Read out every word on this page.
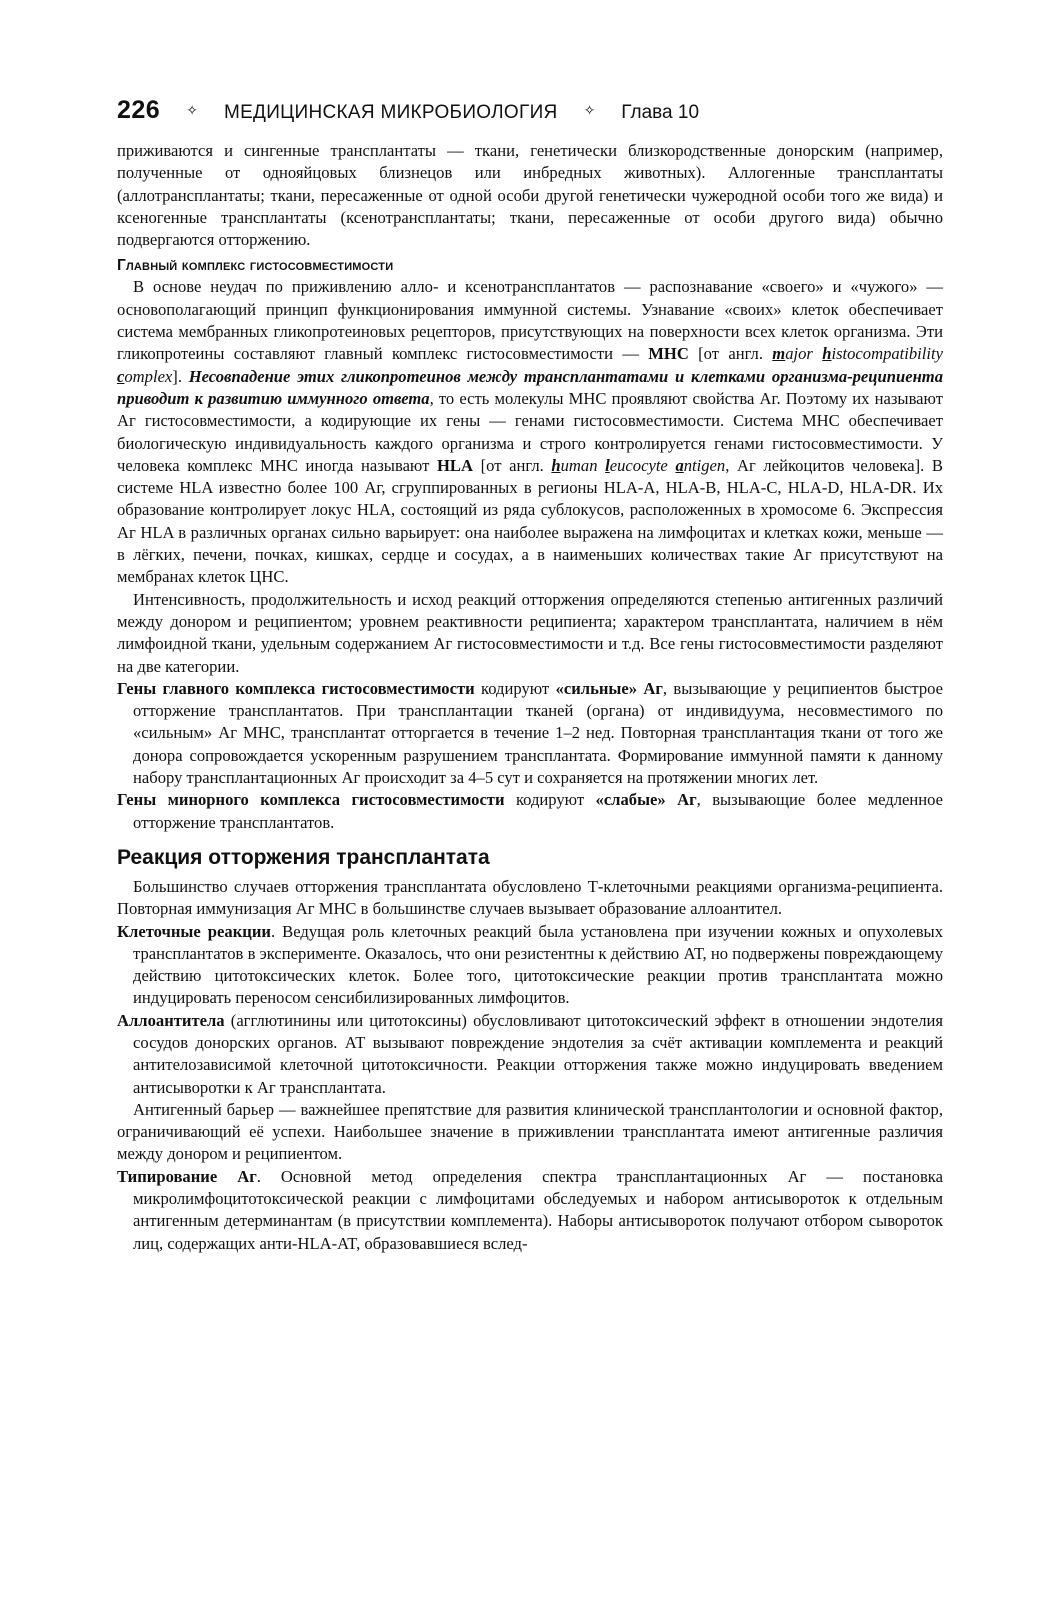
226 ✧ МЕДИЦИНСКАЯ МИКРОБИОЛОГИЯ ✧ Глава 10

приживаются и сингенные трансплантаты — ткани, генетически близкородственные донорским (например, полученные от однояйцовых близнецов или инбредных животных). Аллогенные трансплантаты (аллотрансплантаты; ткани, пересаженные от одной особи другой генетически чужеродной особи того же вида) и ксеногенные трансплантаты (ксенотрансплантаты; ткани, пересаженные от особи другого вида) обычно подвергаются отторжению.

Главный комплекс гистосовместимости

В основе неудач по приживлению алло- и ксенотрансплантатов — распознавание «своего» и «чужого» — основополагающий принцип функционирования иммунной системы. Узнавание «своих» клеток обеспечивает система мембранных гликопротеиновых рецепторов, присутствующих на поверхности всех клеток организма. Эти гликопротеины составляют главный комплекс гистосовместимости — МНС [от англ. major histocompatibility complex]. Несовпадение этих гликопротеинов между трансплантатами и клетками организма-реципиента приводит к развитию иммунного ответа, то есть молекулы МНС проявляют свойства Аг. Поэтому их называют Аг гистосовместимости, а кодирующие их гены — генами гистосовместимости. Система МНС обеспечивает биологическую индивидуальность каждого организма и строго контролируется генами гистосовместимости. У человека комплекс МНС иногда называют HLA [от англ. human leucocyte antigen, Аг лейкоцитов человека]. В системе HLA известно более 100 Аг, сгруппированных в регионы HLA-A, HLA-B, HLA-C, HLA-D, HLA-DR. Их образование контролирует локус HLA, состоящий из ряда сублокусов, расположенных в хромосоме 6. Экспрессия Аг HLA в различных органах сильно варьирует: она наиболее выражена на лимфоцитах и клетках кожи, меньше — в лёгких, печени, почках, кишках, сердце и сосудах, а в наименьших количествах такие Аг присутствуют на мембранах клеток ЦНС.

Интенсивность, продолжительность и исход реакций отторжения определяются степенью антигенных различий между донором и реципиентом; уровнем реактивности реципиента; характером трансплантата, наличием в нём лимфоидной ткани, удельным содержанием Аг гистосовместимости и т.д. Все гены гистосовместимости разделяют на две категории.

Гены главного комплекса гистосовместимости кодируют «сильные» Аг, вызывающие у реципиентов быстрое отторжение трансплантатов. При трансплантации тканей (органа) от индивидуума, несовместимого по «сильным» Аг МНС, трансплантат отторгается в течение 1–2 нед. Повторная трансплантация ткани от того же донора сопровождается ускоренным разрушением трансплантата. Формирование иммунной памяти к данному набору трансплантационных Аг происходит за 4–5 сут и сохраняется на протяжении многих лет.
Гены минорного комплекса гистосовместимости кодируют «слабые» Аг, вызывающие более медленное отторжение трансплантатов.
Реакция отторжения трансплантата

Большинство случаев отторжения трансплантата обусловлено Т-клеточными реакциями организма-реципиента. Повторная иммунизация Аг МНС в большинстве случаев вызывает образование аллоантител.

Клеточные реакции. Ведущая роль клеточных реакций была установлена при изучении кожных и опухолевых трансплантатов в эксперименте. Оказалось, что они резистентны к действию АТ, но подвержены повреждающему действию цитотоксических клеток. Более того, цитотоксические реакции против трансплантата можно индуцировать переносом сенсибилизированных лимфоцитов.
Аллоантитела (агглютинины или цитотоксины) обусловливают цитотоксический эффект в отношении эндотелия сосудов донорских органов. АТ вызывают повреждение эндотелия за счёт активации комплемента и реакций антителозависимой клеточной цитотоксичности. Реакции отторжения также можно индуцировать введением антисыворотки к Аг трансплантата.

Антигенный барьер — важнейшее препятствие для развития клинической трансплантологии и основной фактор, ограничивающий её успехи. Наибольшее значение в приживлении трансплантата имеют антигенные различия между донором и реципиентом.

Типирование Аг. Основной метод определения спектра трансплантационных Аг — постановка микролимфоцитотоксической реакции с лимфоцитами обследуемых и набором антисывороток к отдельным антигенным детерминантам (в присутствии комплемента). Наборы антисывороток получают отбором сывороток лиц, содержащих анти-HLA-AT, образовавшиеся вслед-
